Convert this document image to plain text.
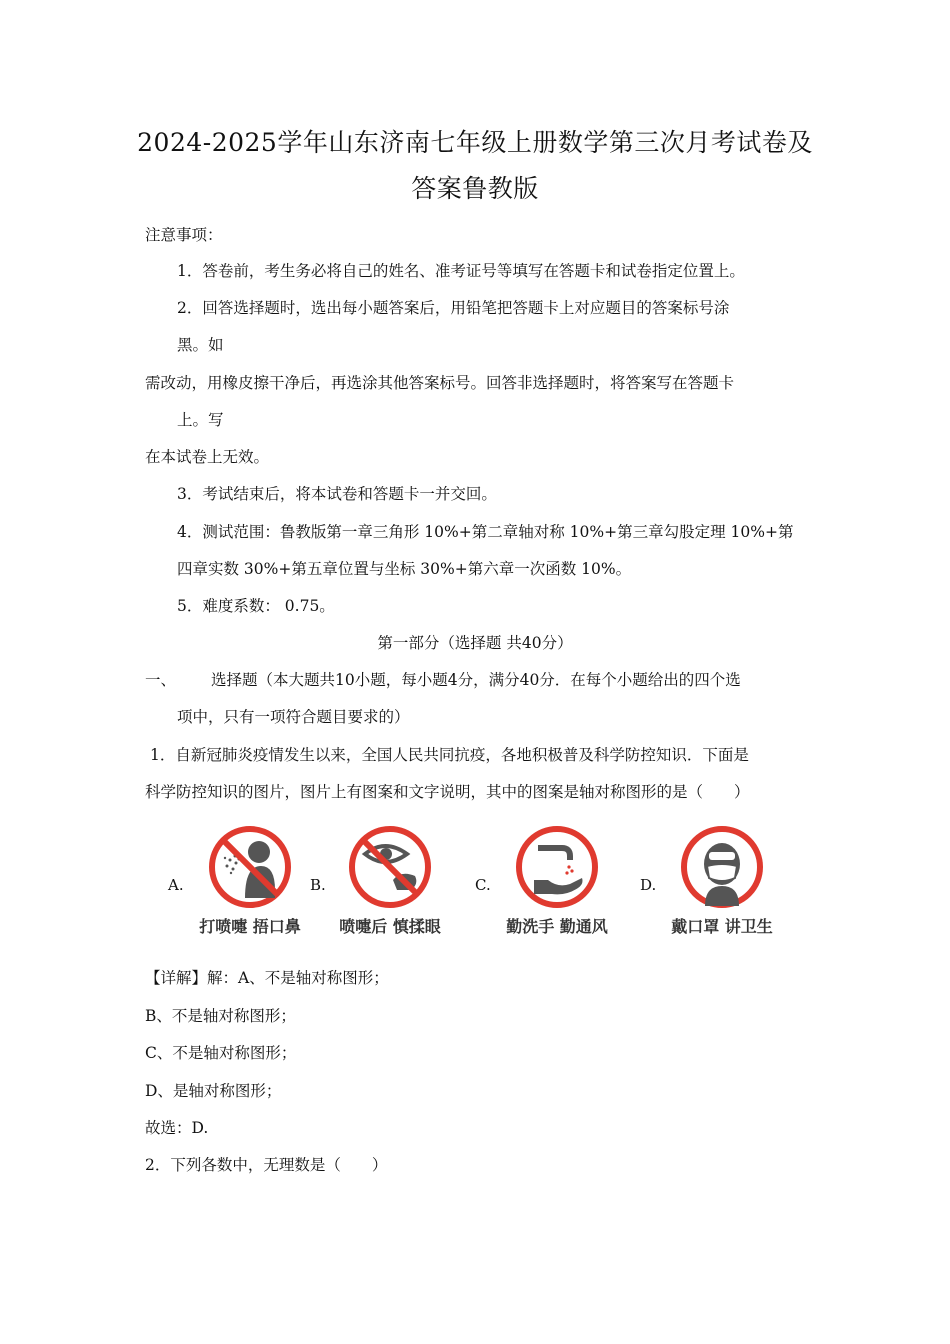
2024-2025学年山东济南七年级上册数学第三次月考试卷及
答案鲁教版
注意事项：
1．答卷前，考生务必将自己的姓名、准考证号等填写在答题卡和试卷指定位置上。
2．回答选择题时，选出每小题答案后，用铅笔把答题卡上对应题目的答案标号涂
黑。如
需改动，用橡皮擦干净后，再选涂其他答案标号。回答非选择题时，将答案写在答题卡
上。写
在本试卷上无效。
3．考试结束后，将本试卷和答题卡一并交回。
4．测试范围：鲁教版第一章三角形 10%+第二章轴对称 10%+第三章勾股定理 10%+第
四章实数 30%+第五章位置与坐标 30%+第六章一次函数 10%。
5．难度系数： 0.75。
第一部分（选择题 共40分）
一、 选择题（本大题共10小题，每小题4分，满分40分．在每个小题给出的四个选
项中，只有一项符合题目要求的）
1．自新冠肺炎疫情发生以来，全国人民共同抗疫，各地积极普及科学防控知识．下面是
科学防控知识的图片，图片上有图案和文字说明，其中的图案是轴对称图形的是（　　）
A.	B.	C.	D.
打喷嚏 捂口鼻 喷嚏后 慎揉眼	勤洗手 勤通风	戴口罩 讲卫生
【详解】解：A、不是轴对称图形；
B、不是轴对称图形；
C、不是轴对称图形；
D、是轴对称图形；
故选：D.
2．下列各数中，无理数是（　　）
